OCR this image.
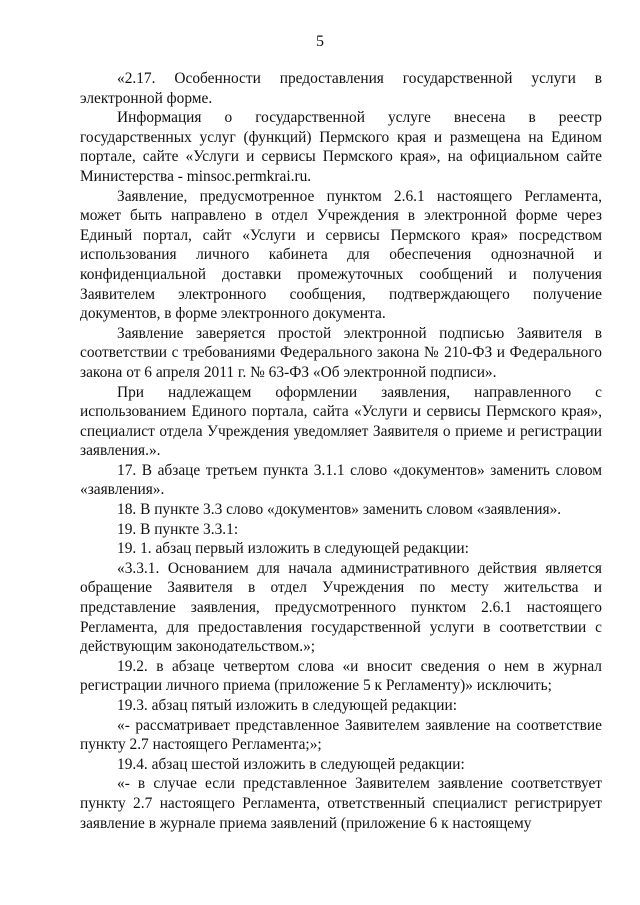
5

«2.17. Особенности предоставления государственной услуги в электронной форме.

Информация о государственной услуге внесена в реестр государственных услуг (функций) Пермского края и размещена на Едином портале, сайте «Услуги и сервисы Пермского края», на официальном сайте Министерства - minsoc.permkrai.ru.

Заявление, предусмотренное пунктом 2.6.1 настоящего Регламента, может быть направлено в отдел Учреждения в электронной форме через Единый портал, сайт «Услуги и сервисы Пермского края» посредством использования личного кабинета для обеспечения однозначной и конфиденциальной доставки промежуточных сообщений и получения Заявителем электронного сообщения, подтверждающего получение документов, в форме электронного документа.

Заявление заверяется простой электронной подписью Заявителя в соответствии с требованиями Федерального закона № 210-ФЗ и Федерального закона от 6 апреля 2011 г. № 63-ФЗ «Об электронной подписи».

При надлежащем оформлении заявления, направленного с использованием Единого портала, сайта «Услуги и сервисы Пермского края», специалист отдела Учреждения уведомляет Заявителя о приеме и регистрации заявления.».

17. В абзаце третьем пункта 3.1.1 слово «документов» заменить словом «заявления».

18. В пункте 3.3 слово «документов» заменить словом «заявления».

19. В пункте 3.3.1:

19. 1. абзац первый изложить в следующей редакции:

«3.3.1. Основанием для начала административного действия является обращение Заявителя в отдел Учреждения по месту жительства и представление заявления, предусмотренного пунктом 2.6.1 настоящего Регламента, для предоставления государственной услуги в соответствии с действующим законодательством.»;

19.2. в абзаце четвертом слова «и вносит сведения о нем в журнал регистрации личного приема (приложение 5 к Регламенту)» исключить;

19.3. абзац пятый изложить в следующей редакции:

«- рассматривает представленное Заявителем заявление на соответствие пункту 2.7 настоящего Регламента;»;

19.4. абзац шестой изложить в следующей редакции:

«- в случае если представленное Заявителем заявление соответствует пункту 2.7 настоящего Регламента, ответственный специалист регистрирует заявление в журнале приема заявлений (приложение 6 к настоящему
